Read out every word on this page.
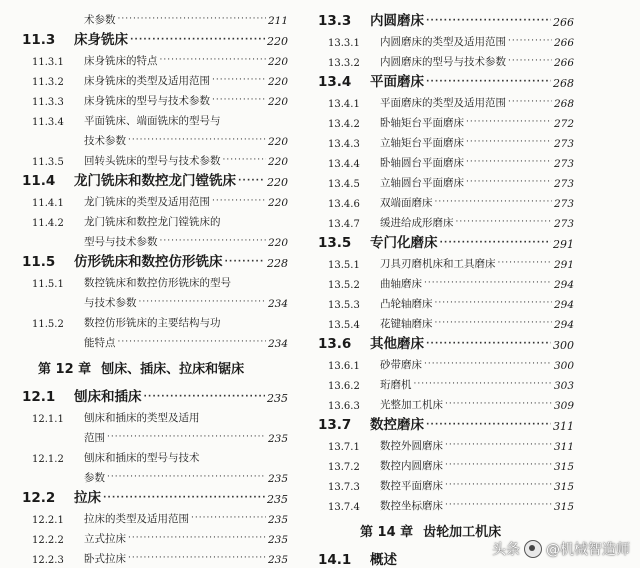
术参数 ·····	211
11.3	床身铣床 ·····	220
11.3.1	床身铣床的特点 ·····	220
11.3.2	床身铣床的类型及适用范围 ·····	220
11.3.3	床身铣床的型号与技术参数 ·····	220
11.3.4	平面铣床、端面铣床的型号与
技术参数 ·····	220
11.3.5	回转头铣床的型号与技术参数 ·····	220
11.4	龙门铣床和数控龙门镗铣床 ·····	220
11.4.1	龙门铣床的类型及适用范围 ·····	220
11.4.2	龙门铣床和数控龙门镗铣床的
型号与技术参数 ·····	220
11.5	仿形铣床和数控仿形铣床 ·····	228
11.5.1	数控铣床和数控仿形铣床的型号
与技术参数 ·····	234
11.5.2	数控仿形铣床的主要结构与功
能特点 ·····	234
第 12 章 刨床、插床、拉床和锯床
12.1	刨床和插床 ·····	235
12.1.1	刨床和插床的类型及适用
范围 ·····	235
12.1.2	刨床和插床的型号与技术
参数 ·····	235
12.2	拉床 ·····	235
12.2.1	拉床的类型及适用范围 ·····	235
12.2.2	立式拉床 ·····	235
12.2.3	卧式拉床 ·····	235
13.3	内圆磨床 ·····	266
13.3.1	内圆磨床的类型及适用范围 ·····	266
13.3.2	内圆磨床的型号与技术参数 ·····	266
13.4	平面磨床 ·····	268
13.4.1	平面磨床的类型及适用范围 ·····	268
13.4.2	卧轴矩台平面磨床 ·····	272
13.4.3	立轴矩台平面磨床 ·····	273
13.4.4	卧轴圆台平面磨床 ·····	273
13.4.5	立轴圆台平面磨床 ·····	273
13.4.6	双端面磨床 ·····	273
13.4.7	缓进给成形磨床 ·····	273
13.5	专门化磨床 ·····	291
13.5.1	刀具刃磨机床和工具磨床 ·····	291
13.5.2	曲轴磨床 ·····	294
13.5.3	凸轮轴磨床 ·····	294
13.5.4	花键轴磨床 ·····	294
13.6	其他磨床 ·····	300
13.6.1	砂带磨床 ·····	300
13.6.2	珩磨机 ·····	303
13.6.3	光整加工机床 ·····	309
13.7	数控磨床 ·····	311
13.7.1	数控外圆磨床 ·····	311
13.7.2	数控内圆磨床 ·····	315
13.7.3	数控平面磨床 ·····	315
13.7.4	数控坐标磨床 ·····	315
第 14 章 齿轮加工机床
14.1	概述
头条 @机械智造师
